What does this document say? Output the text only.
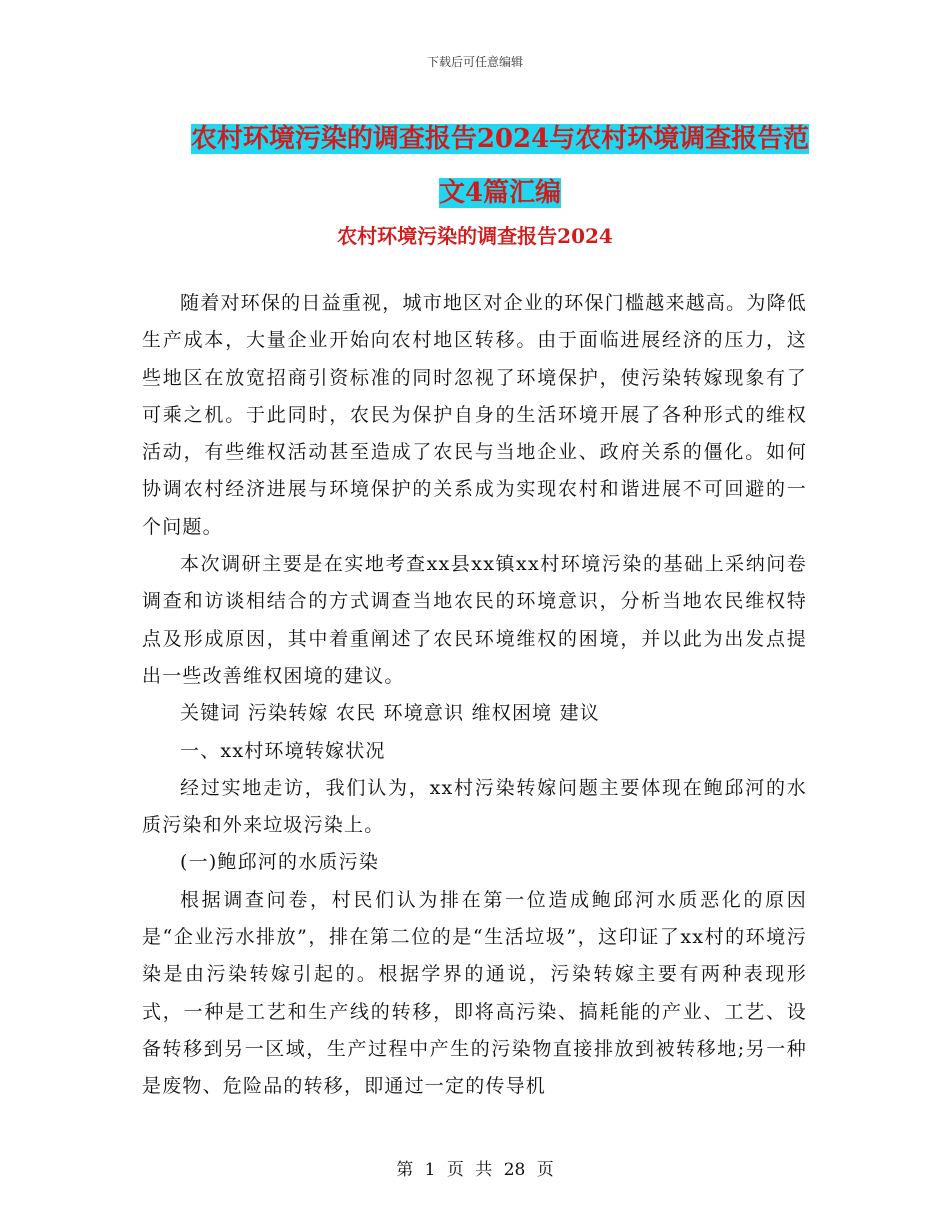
下载后可任意编辑
农村环境污染的调查报告2024与农村环境调查报告范
文4篇汇编
农村环境污染的调查报告2024

随着对环保的日益重视，城市地区对企业的环保门槛越来越高。为降低生产成本，大量企业开始向农村地区转移。由于面临进展经济的压力，这些地区在放宽招商引资标准的同时忽视了环境保护，使污染转嫁现象有了可乘之机。于此同时，农民为保护自身的生活环境开展了各种形式的维权活动，有些维权活动甚至造成了农民与当地企业、政府关系的僵化。如何协调农村经济进展与环境保护的关系成为实现农村和谐进展不可回避的一个问题。

本次调研主要是在实地考查xx县xx镇xx村环境污染的基础上采纳问卷调查和访谈相结合的方式调查当地农民的环境意识，分析当地农民维权特点及形成原因，其中着重阐述了农民环境维权的困境，并以此为出发点提出一些改善维权困境的建议。

关键词 污染转嫁 农民 环境意识 维权困境 建议

一、xx村环境转嫁状况

经过实地走访，我们认为，xx村污染转嫁问题主要体现在鲍邱河的水质污染和外来垃圾污染上。

(一)鲍邱河的水质污染

根据调查问卷，村民们认为排在第一位造成鲍邱河水质恶化的原因是“企业污水排放”，排在第二位的是“生活垃圾”，这印证了xx村的环境污染是由污染转嫁引起的。根据学界的通说，污染转嫁主要有两种表现形式，一种是工艺和生产线的转移，即将高污染、搞耗能的产业、工艺、设备转移到另一区域，生产过程中产生的污染物直接排放到被转移地;另一种是废物、危险品的转移，即通过一定的传导机

第 1 页 共 28 页
